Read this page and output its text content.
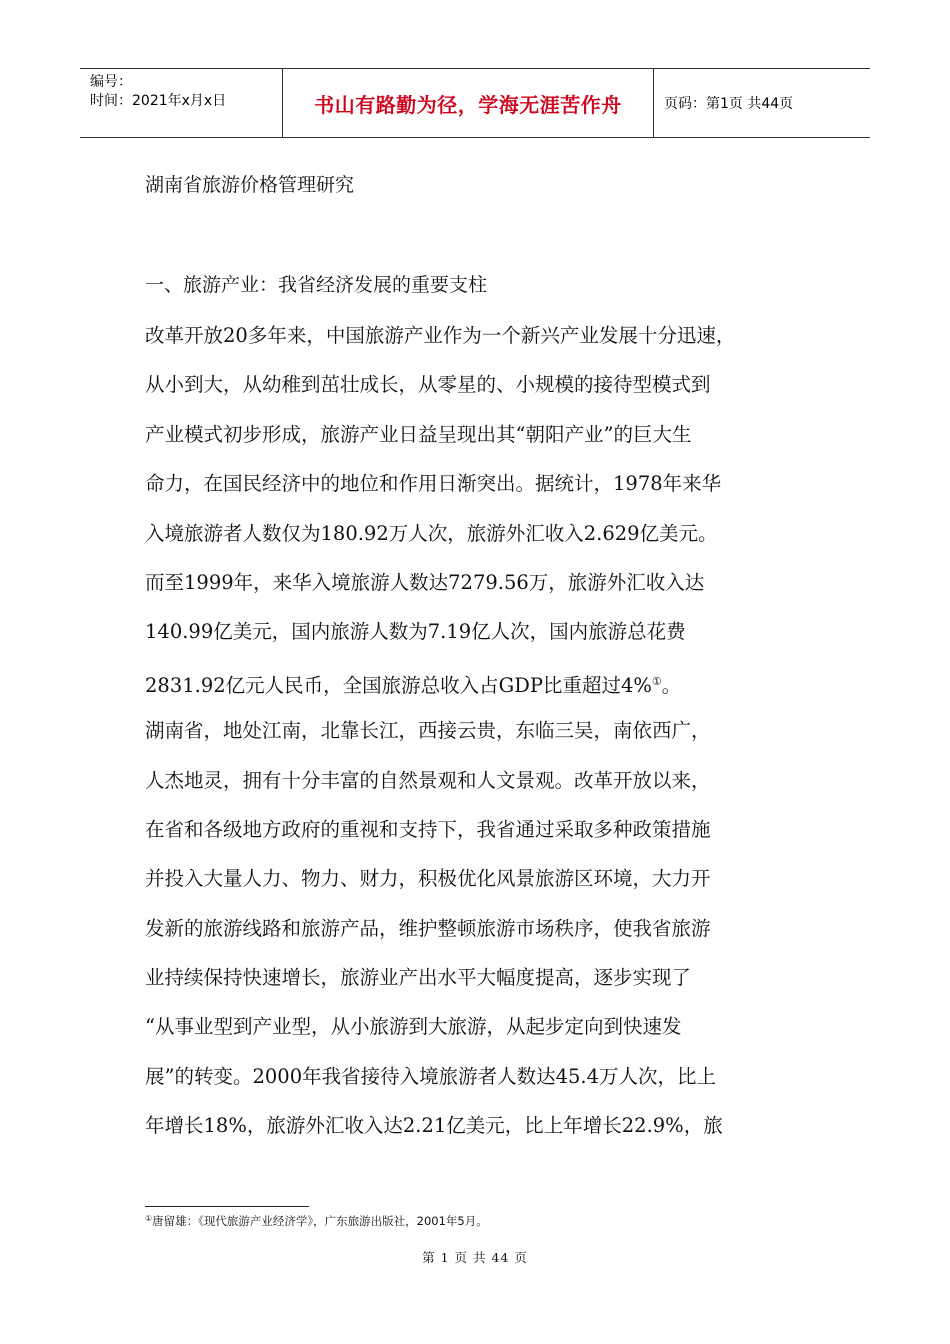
编号：
时间：2021年x月x日	书山有路勤为径，学海无涯苦作舟	页码：第1页 共44页
湖南省旅游价格管理研究
一、旅游产业：我省经济发展的重要支柱
改革开放20多年来，中国旅游产业作为一个新兴产业发展十分迅速，
从小到大，从幼稚到茁壮成长，从零星的、小规模的接待型模式到
产业模式初步形成，旅游产业日益呈现出其“朝阳产业”的巨大生
命力，在国民经济中的地位和作用日渐突出。据统计，1978年来华
入境旅游者人数仅为180.92万人次，旅游外汇收入2.629亿美元。
而至1999年，来华入境旅游人数达7279.56万，旅游外汇收入达
140.99亿美元，国内旅游人数为7.19亿人次，国内旅游总花费
2831.92亿元人民币，全国旅游总收入占GDP比重超过4%①。
湖南省，地处江南，北靠长江，西接云贵，东临三吴，南依西广，
人杰地灵，拥有十分丰富的自然景观和人文景观。改革开放以来，
在省和各级地方政府的重视和支持下，我省通过采取多种政策措施
并投入大量人力、物力、财力，积极优化风景旅游区环境，大力开
发新的旅游线路和旅游产品，维护整顿旅游市场秩序，使我省旅游
业持续保持快速增长，旅游业产出水平大幅度提高，逐步实现了
“从事业型到产业型，从小旅游到大旅游，从起步定向到快速发
展”的转变。2000年我省接待入境旅游者人数达45.4万人次，比上
年增长18%，旅游外汇收入达2.21亿美元，比上年增长22.9%，旅
①唐留雄：《现代旅游产业经济学》，广东旅游出版社，2001年5月。
第 1 页 共 44 页
